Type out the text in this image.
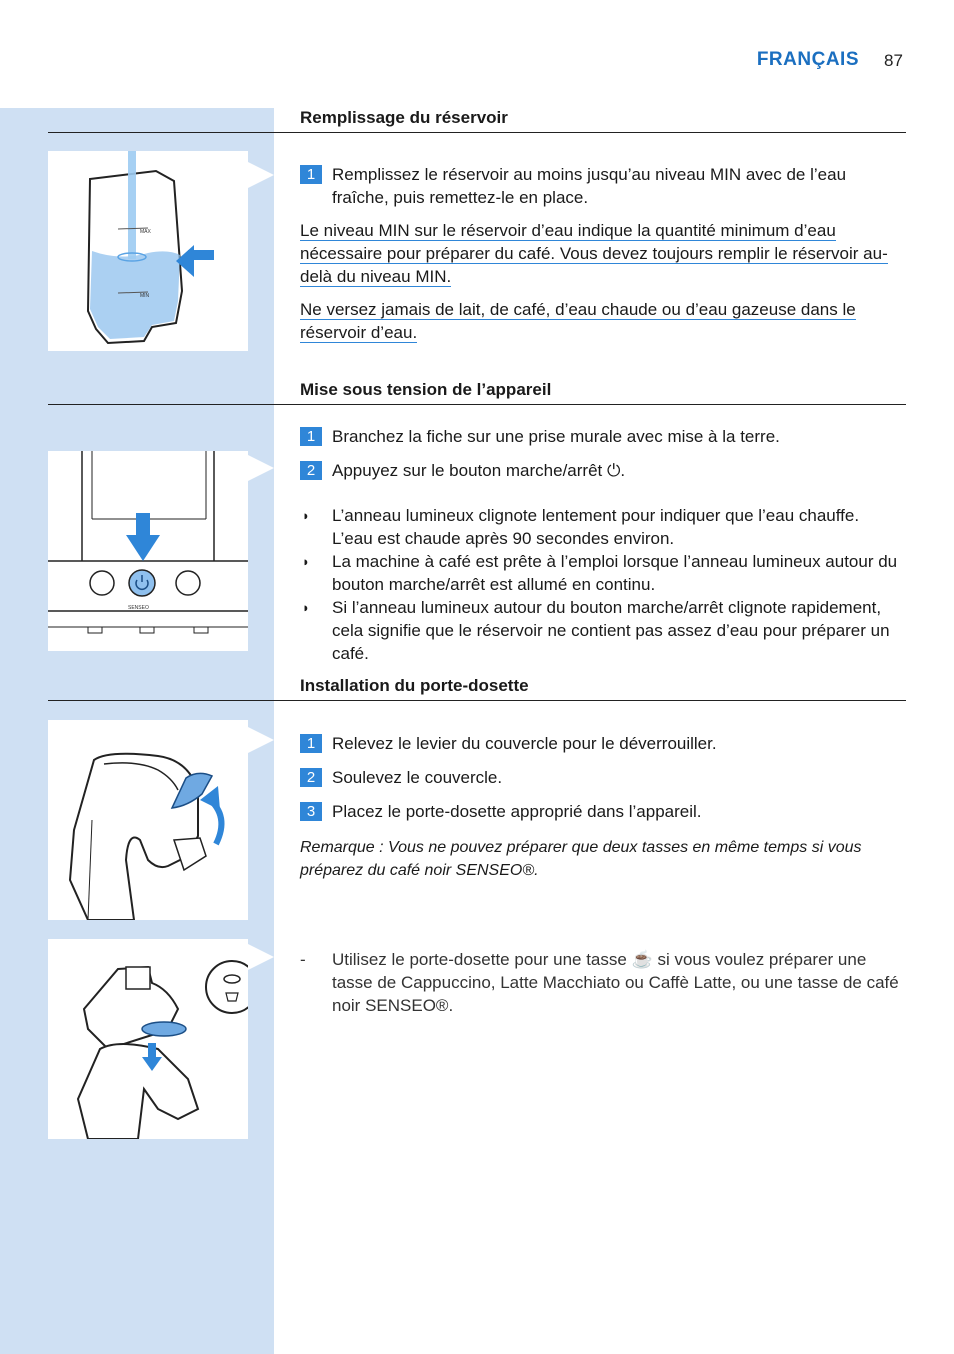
FRANÇAIS 87
Remplissage du réservoir
MAX
MIN
1 Remplissez le réservoir au moins jusqu’au niveau MIN avec de l’eau fraîche, puis remettez-le en place.

Le niveau MIN sur le réservoir d’eau indique la quantité minimum d’eau nécessaire pour préparer du café. Vous devez toujours remplir le réservoir au-delà du niveau MIN.

Ne versez jamais de lait, de café, d’eau chaude ou d’eau gazeuse dans le réservoir d’eau.

Mise sous tension de l’appareil
SENSEO
1 Branchez la fiche sur une prise murale avec mise à la terre.
2 Appuyez sur le bouton marche/arrêt ⏻.
◗ L’anneau lumineux clignote lentement pour indiquer que l’eau chauffe. L’eau est chaude après 90 secondes environ.
◗ La machine à café est prête à l’emploi lorsque l’anneau lumineux autour du bouton marche/arrêt est allumé en continu.
◗ Si l’anneau lumineux autour du bouton marche/arrêt clignote rapidement, cela signifie que le réservoir ne contient pas assez d’eau pour préparer un café.
Installation du porte-dosette
1 Relevez le levier du couvercle pour le déverrouiller.
2 Soulevez le couvercle.
3 Placez le porte-dosette approprié dans l’appareil.

Remarque : Vous ne pouvez préparer que deux tasses en même temps si vous préparez du café noir SENSEO®.

- Utilisez le porte-dosette pour une tasse ☕ si vous voulez préparer une tasse de Cappuccino, Latte Macchiato ou Caffè Latte, ou une tasse de café noir SENSEO®.
